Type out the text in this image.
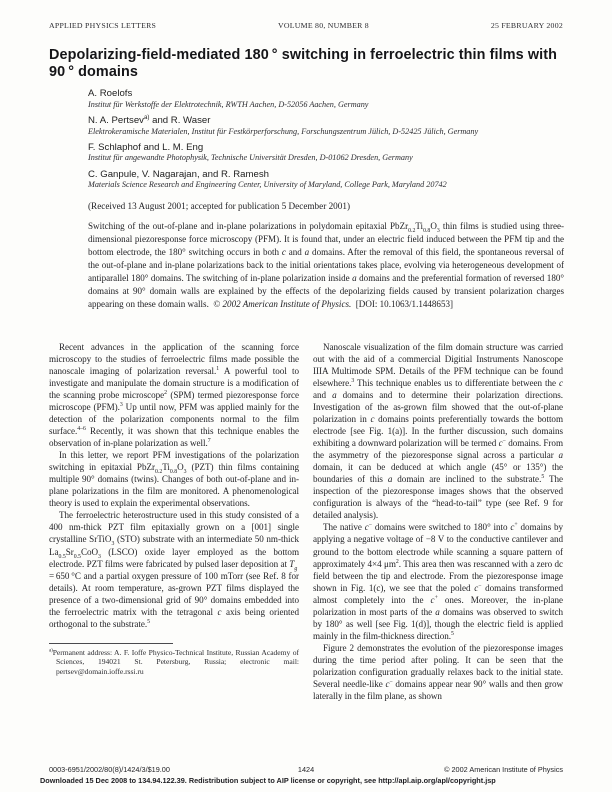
APPLIED PHYSICS LETTERS	VOLUME 80, NUMBER 8	25 FEBRUARY 2002
Depolarizing-field-mediated 180 ° switching in ferroelectric thin films with 90 ° domains
A. Roelofs
Institut für Werkstoffe der Elektrotechnik, RWTH Aachen, D-52056 Aachen, Germany
N. A. Pertsev$^{a)}$ and R. Waser
Elektrokeramische Materialen, Institut für Festkörperforschung, Forschungszentrum Jülich, D-52425 Jülich, Germany
F. Schlaphof and L. M. Eng
Institut für angewandte Photophysik, Technische Universität Dresden, D-01062 Dresden, Germany
C. Ganpule, V. Nagarajan, and R. Ramesh
Materials Science Research and Engineering Center, University of Maryland, College Park, Maryland 20742
(Received 13 August 2001; accepted for publication 5 December 2001)
Switching of the out-of-plane and in-plane polarizations in polydomain epitaxial $PbZr_{0.2}Ti_{0.8}O_3$ thin films is studied using three-dimensional piezoresponse force microscopy (PFM). It is found that, under an electric field induced between the PFM tip and the bottom electrode, the 180° switching occurs in both c and a domains. After the removal of this field, the spontaneous reversal of the out-of-plane and in-plane polarizations back to the initial orientations takes place, evolving via heterogeneous development of antiparallel 180° domains. The switching of in-plane polarization inside a domains and the preferential formation of reversed 180° domains at 90° domain walls are explained by the effects of the depolarizing fields caused by transient polarization charges appearing on these domain walls.  © 2002 American Institute of Physics.  [DOI: 10.1063/1.1448653]

Recent advances in the application of the scanning force microscopy to the studies of ferroelectric films made possible the nanoscale imaging of polarization reversal.$^1$ A powerful tool to investigate and manipulate the domain structure is a modification of the scanning probe microscope$^2$ (SPM) termed piezoresponse force microscope (PFM).$^3$ Up until now, PFM was applied mainly for the detection of the polarization components normal to the film surface.$^{4-6}$ Recently, it was shown that this technique enables the observation of in-plane polarization as well.$^7$

In this letter, we report PFM investigations of the polarization switching in epitaxial $PbZr_{0.2}Ti_{0.8}O_3$ (PZT) thin films containing multiple 90° domains (twins). Changes of both out-of-plane and in-plane polarizations in the film are monitored. A phenomenological theory is used to explain the experimental observations.

The ferroelectric heterostructure used in this study consisted of a 400 nm-thick PZT film epitaxially grown on a [001] single crystalline SrTiO$_3$ (STO) substrate with an intermediate 50 nm-thick $La_{0.5}Sr_{0.5}CoO_3$ (LSCO) oxide layer employed as the bottom electrode. PZT films were fabricated by pulsed laser deposition at $T_g = 650$ °C and a partial oxygen pressure of 100 mTorr (see Ref. 8 for details). At room temperature, as-grown PZT films displayed the presence of a two-dimensional grid of 90° domains embedded into the ferroelectric matrix with the tetragonal c axis being oriented orthogonal to the substrate.$^5$

$^{a)}$Permanent address: A. F. Ioffe Physico-Technical Institute, Russian Academy of Sciences, 194021 St. Petersburg, Russia; electronic mail: pertsev@domain.ioffe.rssi.ru

Nanoscale visualization of the film domain structure was carried out with the aid of a commercial Digitial Instruments Nanoscope IIIA Multimode SPM. Details of the PFM technique can be found elsewhere.$^3$ This technique enables us to differentiate between the c and a domains and to determine their polarization directions. Investigation of the as-grown film showed that the out-of-plane polarization in c domains points preferentially towards the bottom electrode [see Fig. 1(a)]. In the further discussion, such domains exhibiting a downward polarization will be termed c− domains. From the asymmetry of the piezoresponse signal across a particular a domain, it can be deduced at which angle (45° or 135°) the boundaries of this a domain are inclined to the substrate.$^5$ The inspection of the piezoresponse images shows that the observed configuration is always of the “head-to-tail” type (see Ref. 9 for detailed analysis).

The native c− domains were switched to 180° into c+ domains by applying a negative voltage of −8 V to the conductive cantilever and ground to the bottom electrode while scanning a square pattern of approximately 4×4 $\mu m^2$. This area then was rescanned with a zero dc field between the tip and electrode. From the piezoresponse image shown in Fig. 1(c), we see that the poled c− domains transformed almost completely into the c+ ones. Moreover, the in-plane polarization in most parts of the a domains was observed to switch by 180° as well [see Fig. 1(d)], though the electric field is applied mainly in the film-thickness direction.$^5$

Figure 2 demonstrates the evolution of the piezoresponse images during the time period after poling. It can be seen that the polarization configuration gradually relaxes back to the initial state. Several needle-like c− domains appear near 90° walls and then grow laterally in the film plane, as shown

0003-6951/2002/80(8)/1424/3/$19.00	1424	© 2002 American Institute of Physics
Downloaded 15 Dec 2008 to 134.94.122.39. Redistribution subject to AIP license or copyright, see http://apl.aip.org/apl/copyright.jsp
